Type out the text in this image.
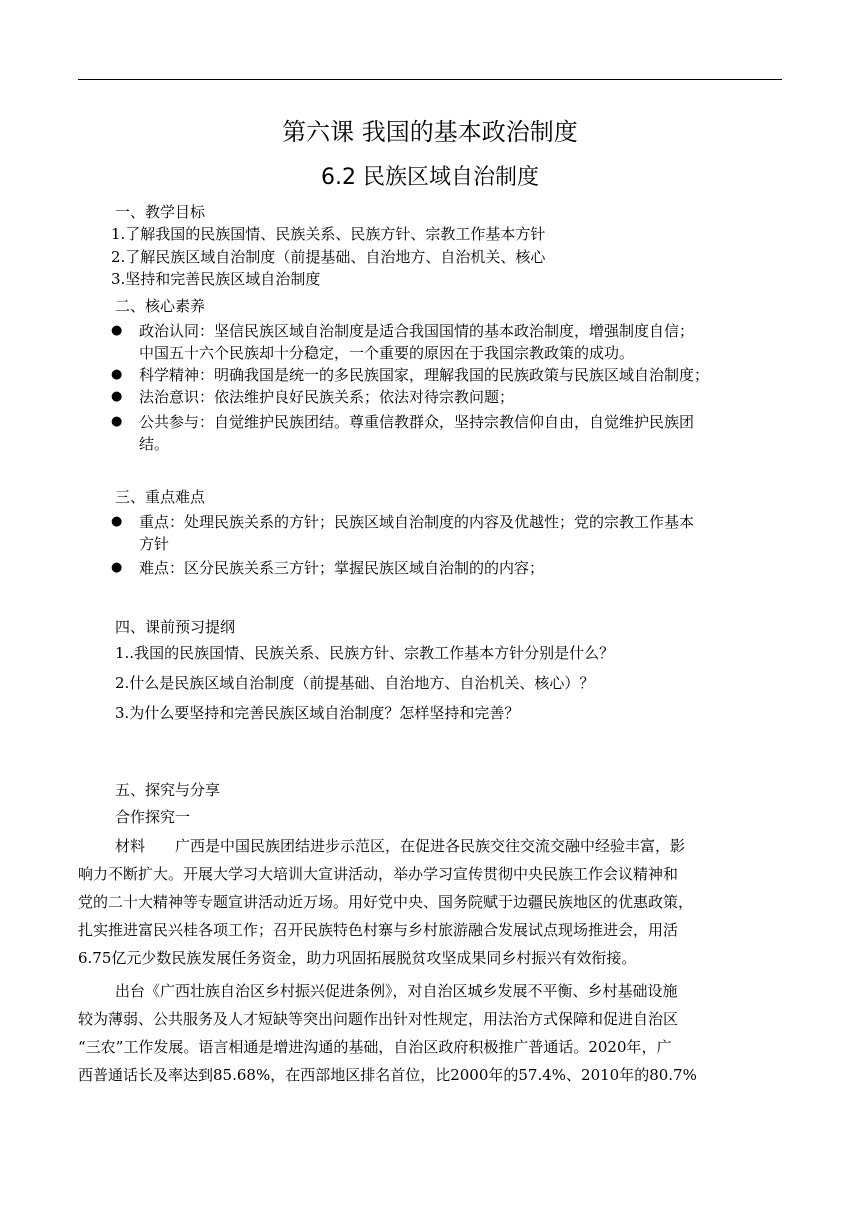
第六课 我国的基本政治制度
6.2 民族区域自治制度
一、教学目标
1.了解我国的民族国情、民族关系、民族方针、宗教工作基本方针
2.了解民族区域自治制度（前提基础、自治地方、自治机关、核心
3.坚持和完善民族区域自治制度
二、核心素养
● 政治认同：坚信民族区域自治制度是适合我国国情的基本政治制度，增强制度自信；
中国五十六个民族却十分稳定，一个重要的原因在于我国宗教政策的成功。
● 科学精神：明确我国是统一的多民族国家，理解我国的民族政策与民族区域自治制度；
● 法治意识：依法维护良好民族关系；依法对待宗教问题；
● 公共参与：自觉维护民族团结。尊重信教群众，坚持宗教信仰自由，自觉维护民族团
结。
三、重点难点
● 重点：处理民族关系的方针；民族区域自治制度的内容及优越性；党的宗教工作基本
方针
● 难点：区分民族关系三方针；掌握民族区域自治制的的内容；
四、课前预习提纲
1..我国的民族国情、民族关系、民族方针、宗教工作基本方针分别是什么？
2.什么是民族区域自治制度（前提基础、自治地方、自治机关、核心）？
3.为什么要坚持和完善民族区域自治制度？怎样坚持和完善？
五、探究与分享
合作探究一
材料　　广西是中国民族团结进步示范区，在促进各民族交往交流交融中经验丰富，影
响力不断扩大。开展大学习大培训大宣讲活动，举办学习宣传贯彻中央民族工作会议精神和
党的二十大精神等专题宣讲活动近万场。用好党中央、国务院赋于边疆民族地区的优惠政策，
扎实推进富民兴桂各项工作；召开民族特色村寨与乡村旅游融合发展试点现场推进会，用活
6.75亿元少数民族发展任务资金，助力巩固拓展脱贫攻坚成果同乡村振兴有效衔接。
出台《广西壮族自治区乡村振兴促进条例》，对自治区城乡发展不平衡、乡村基础设施
较为薄弱、公共服务及人才短缺等突出问题作出针对性规定，用法治方式保障和促进自治区
“三农”工作发展。语言相通是增进沟通的基础，自治区政府积极推广普通话。2020年，广
西普通话长及率达到85.68%，在西部地区排名首位，比2000年的57.4%、2010年的80.7%
